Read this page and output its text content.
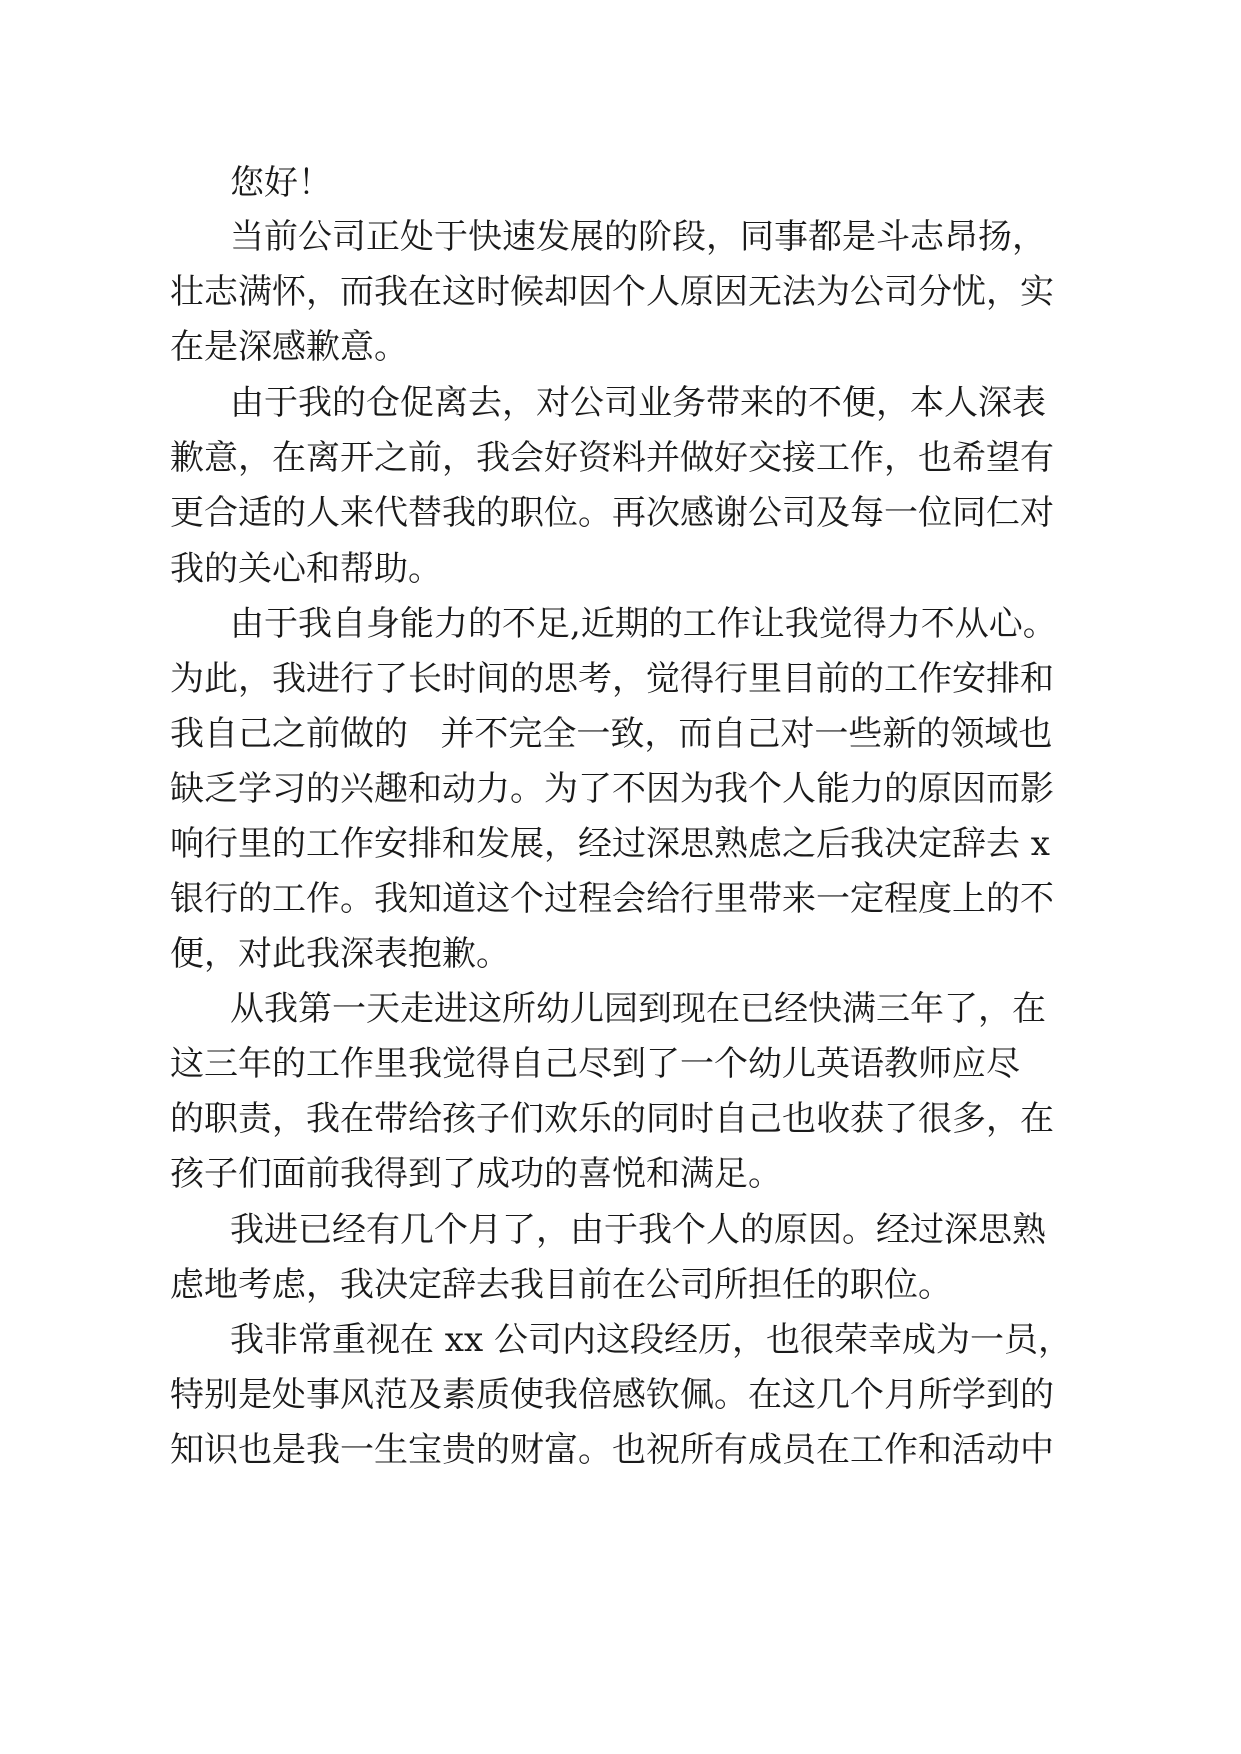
您好！

当前公司正处于快速发展的阶段，同事都是斗志昂扬，

壮志满怀，而我在这时候却因个人原因无法为公司分忧，实

在是深感歉意。

由于我的仓促离去，对公司业务带来的不便，本人深表

歉意，在离开之前，我会好资料并做好交接工作，也希望有

更合适的人来代替我的职位。再次感谢公司及每一位同仁对

我的关心和帮助。

由于我自身能力的不足,近期的工作让我觉得力不从心。

为此，我进行了长时间的思考，觉得行里目前的工作安排和

我自己之前做的   并不完全一致，而自己对一些新的领域也

缺乏学习的兴趣和动力。为了不因为我个人能力的原因而影

响行里的工作安排和发展，经过深思熟虑之后我决定辞去 x

银行的工作。我知道这个过程会给行里带来一定程度上的不

便，对此我深表抱歉。

从我第一天走进这所幼儿园到现在已经快满三年了，在

这三年的工作里我觉得自己尽到了一个幼儿英语教师应尽

的职责，我在带给孩子们欢乐的同时自己也收获了很多，在

孩子们面前我得到了成功的喜悦和满足。

我进已经有几个月了，由于我个人的原因。经过深思熟

虑地考虑，我决定辞去我目前在公司所担任的职位。

我非常重视在 xx 公司内这段经历，也很荣幸成为一员，

特别是处事风范及素质使我倍感钦佩。在这几个月所学到的

知识也是我一生宝贵的财富。也祝所有成员在工作和活动中
